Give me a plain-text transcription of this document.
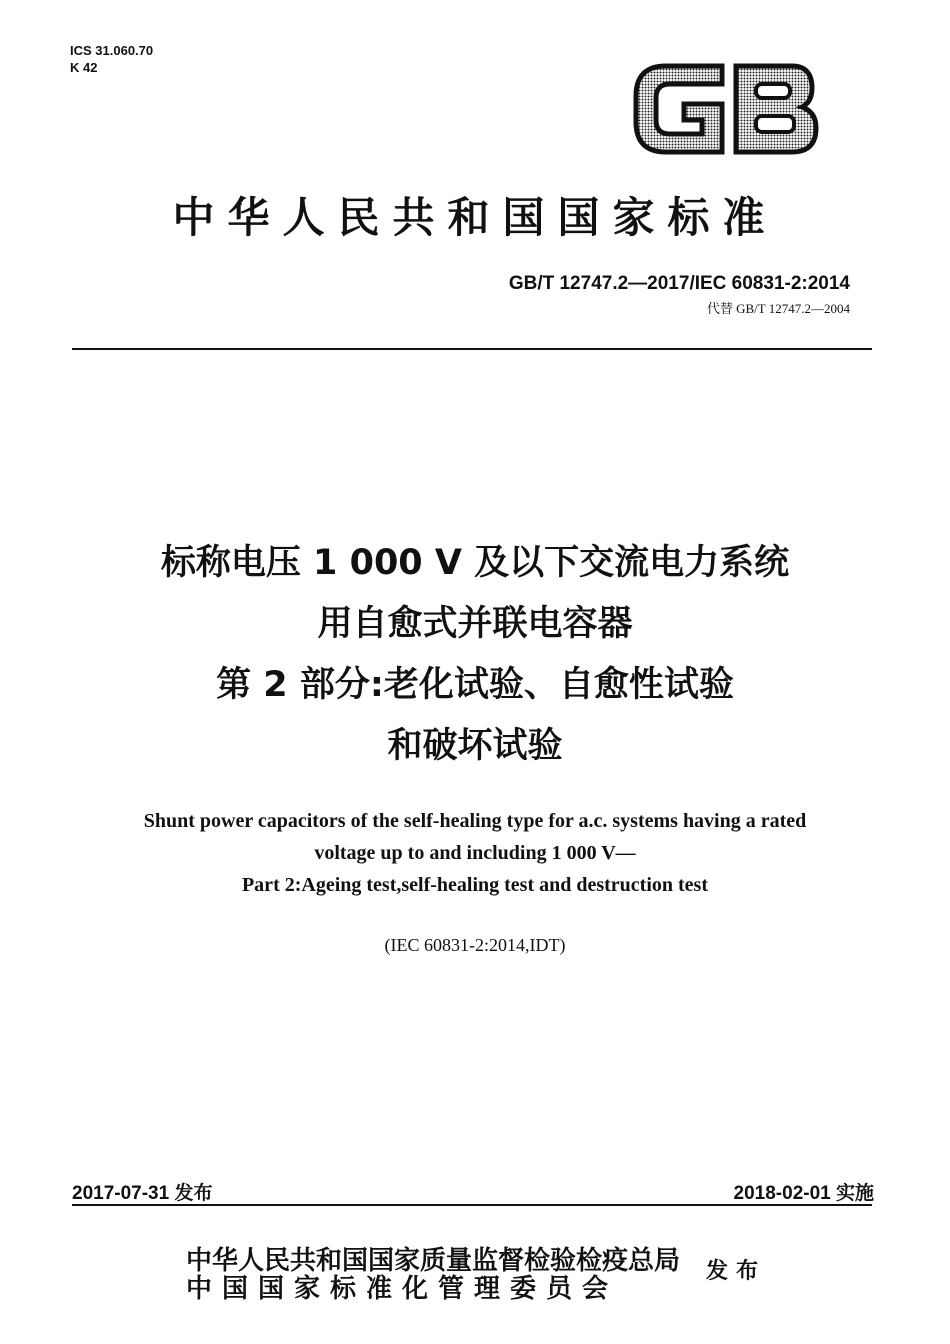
ICS 31.060.70
K 42
GB
中华人民共和国国家标准
GB/T 12747.2—2017/IEC 60831-2:2014
代替 GB/T 12747.2—2004
标称电压 1 000 V 及以下交流电力系统
用自愈式并联电容器
第 2 部分:老化试验、自愈性试验
和破坏试验
Shunt power capacitors of the self-healing type for a.c. systems having a rated
voltage up to and including 1 000 V—
Part 2:Ageing test,self-healing test and destruction test
(IEC 60831-2:2014,IDT)
2017-07-31 发布	2018-02-01 实施
中华人民共和国国家质量监督检验检疫总局
中国国家标准化管理委员会
发布
